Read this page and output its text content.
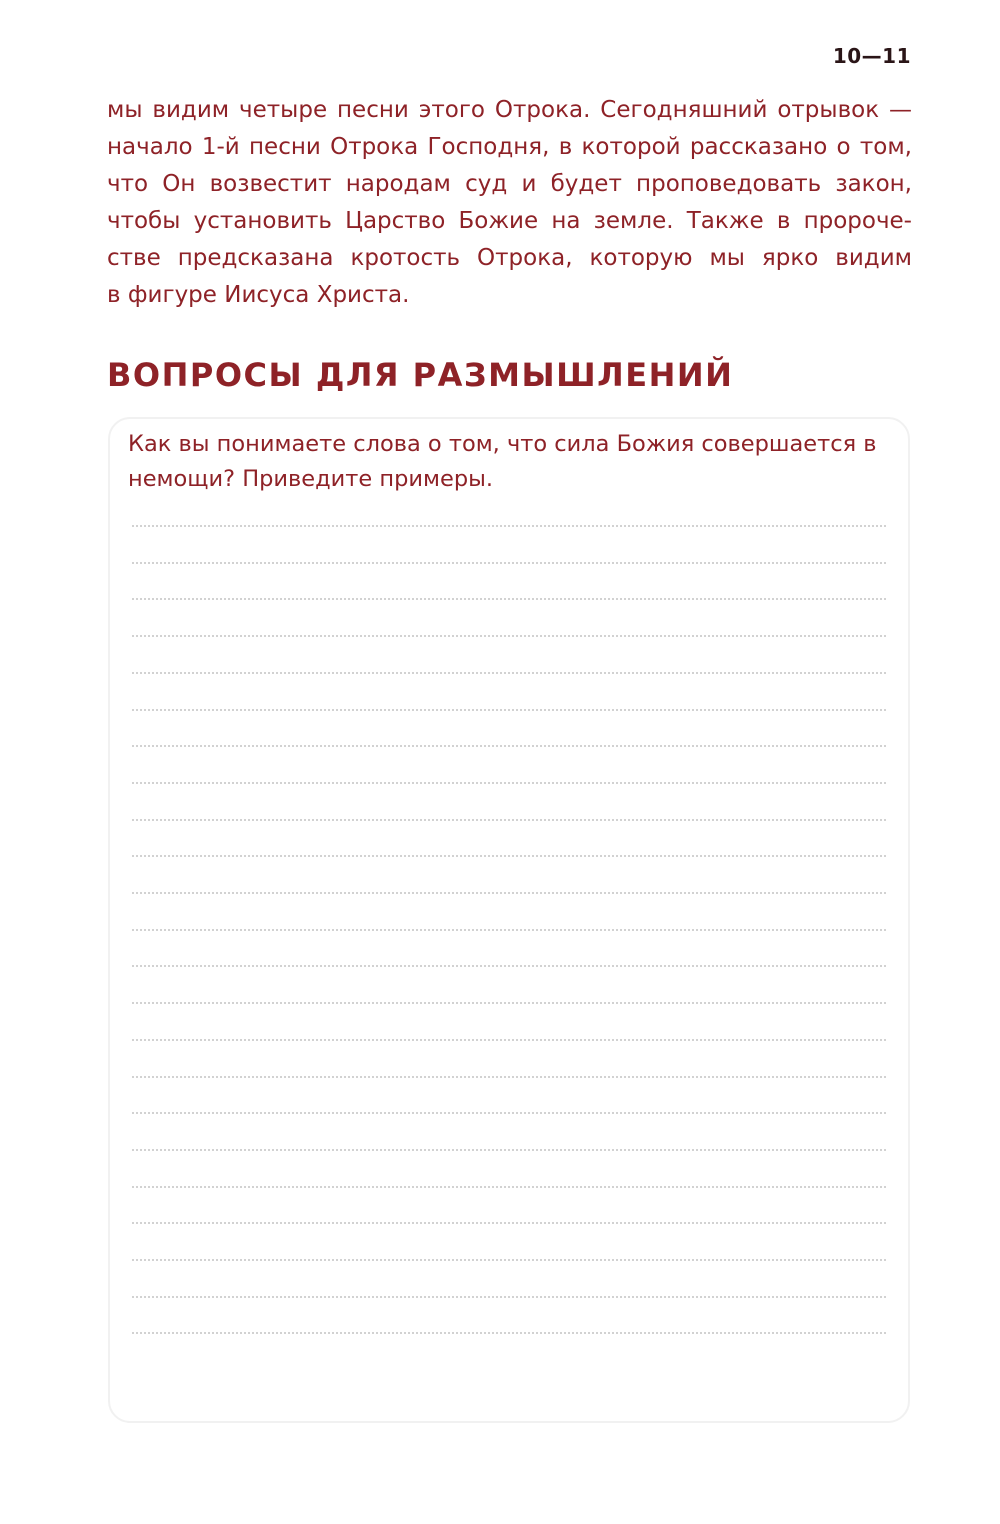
10—11
мы видим четыре песни этого Отрока. Сегодняшний отрывок —
начало 1-й песни Отрока Господня, в которой рассказано о том,
что Он возвестит народам суд и будет проповедовать закон,
чтобы установить Царство Божие на земле. Также в пророче-
стве предсказана кротость Отрока, которую мы ярко видим
в фигуре Иисуса Христа.
ВОПРОСЫ ДЛЯ РАЗМЫШЛЕНИЙ

Как вы понимаете слова о том, что сила Божия совершается в немощи? Приведите примеры.
